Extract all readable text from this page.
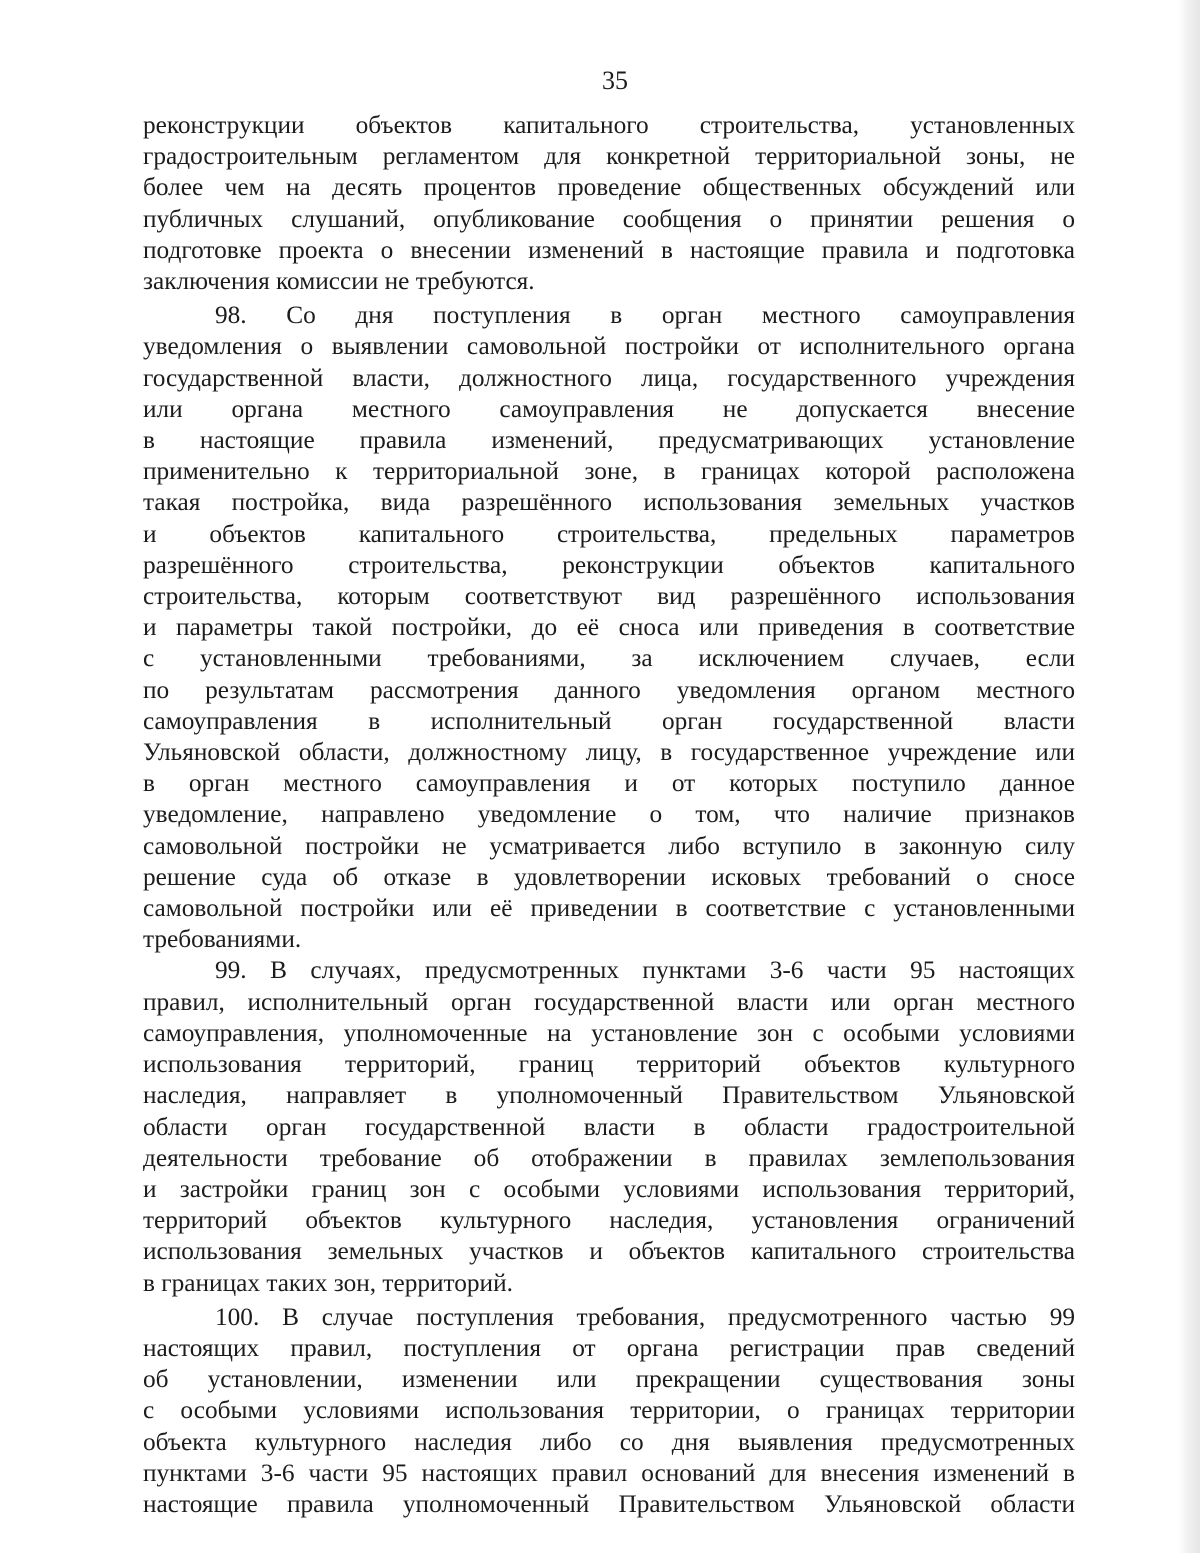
35
реконструкции объектов капитального строительства, установленных
градостроительным регламентом для конкретной территориальной зоны, не
более чем на десять процентов проведение общественных обсуждений или
публичных слушаний, опубликование сообщения о принятии решения о
подготовке проекта о внесении изменений в настоящие правила и подготовка
заключения комиссии не требуются.
98. Со дня поступления в орган местного самоуправления
уведомления о выявлении самовольной постройки от исполнительного органа
государственной власти, должностного лица, государственного учреждения
или органа местного самоуправления не допускается внесение
в настоящие правила изменений, предусматривающих установление
применительно к территориальной зоне, в границах которой расположена
такая постройка, вида разрешённого использования земельных участков
и объектов капитального строительства, предельных параметров
разрешённого строительства, реконструкции объектов капитального
строительства, которым соответствуют вид разрешённого использования
и параметры такой постройки, до её сноса или приведения в соответствие
с установленными требованиями, за исключением случаев, если
по результатам рассмотрения данного уведомления органом местного
самоуправления в исполнительный орган государственной власти
Ульяновской области, должностному лицу, в государственное учреждение или
в орган местного самоуправления и от которых поступило данное
уведомление, направлено уведомление о том, что наличие признаков
самовольной постройки не усматривается либо вступило в законную силу
решение суда об отказе в удовлетворении исковых требований о сносе
самовольной постройки или её приведении в соответствие с установленными
требованиями.
99. В случаях, предусмотренных пунктами 3-6 части 95 настоящих
правил, исполнительный орган государственной власти или орган местного
самоуправления, уполномоченные на установление зон с особыми условиями
использования территорий, границ территорий объектов культурного
наследия, направляет в уполномоченный Правительством Ульяновской
области орган государственной власти в области градостроительной
деятельности требование об отображении в правилах землепользования
и застройки границ зон с особыми условиями использования территорий,
территорий объектов культурного наследия, установления ограничений
использования земельных участков и объектов капитального строительства
в границах таких зон, территорий.
100. В случае поступления требования, предусмотренного частью 99
настоящих правил, поступления от органа регистрации прав сведений
об установлении, изменении или прекращении существования зоны
с особыми условиями использования территории, о границах территории
объекта культурного наследия либо со дня выявления предусмотренных
пунктами 3-6 части 95 настоящих правил оснований для внесения изменений в
настоящие правила уполномоченный Правительством Ульяновской области
